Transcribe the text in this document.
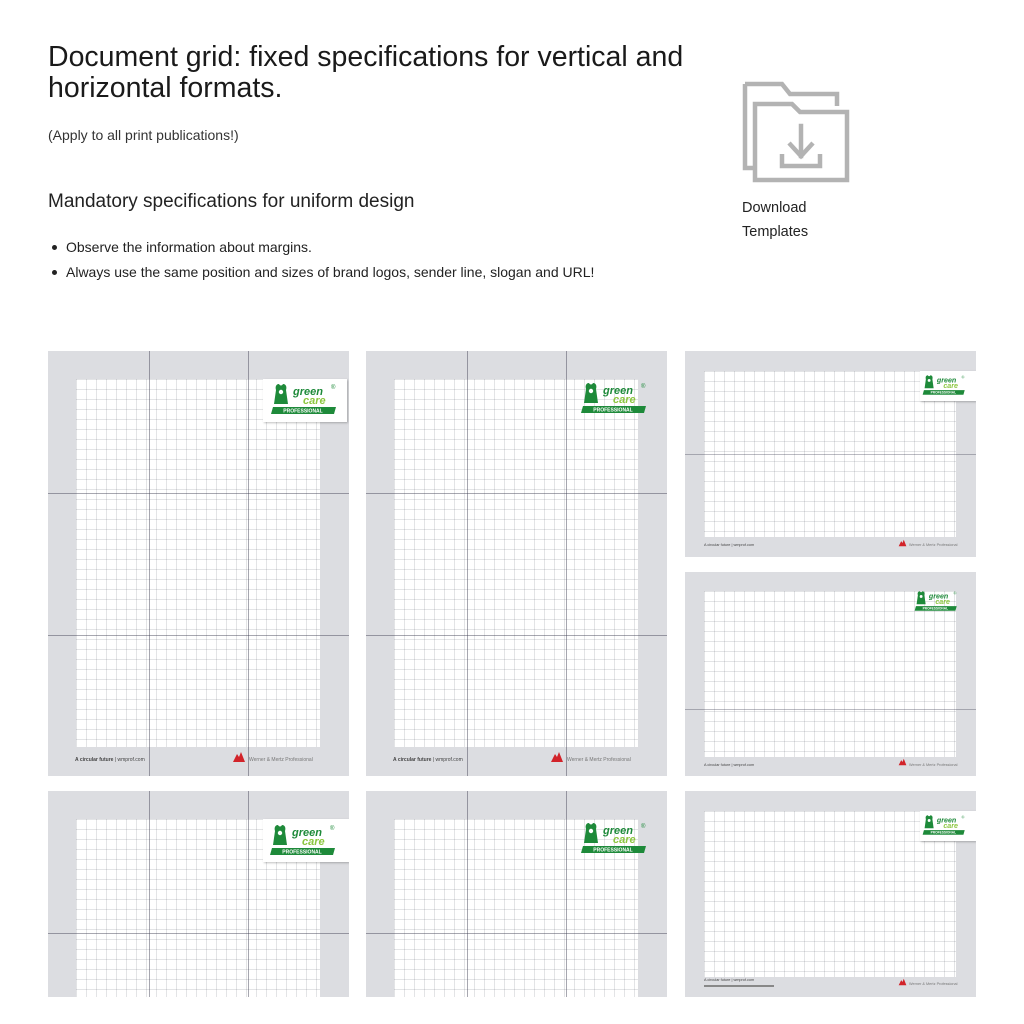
Document grid: fixed specifications for vertical and horizontal formats.
(Apply to all print publications!)
Mandatory specifications for uniform design
Observe the information about margins.
Always use the same position and sizes of brand logos, sender line, slogan and URL!
Download
Templates
green
care
®
PROFESSIONAL
A circular future | wmprof.com	Werner & Mertz Professional
green
care
®
PROFESSIONAL
A circular future | wmprof.com	Werner & Mertz Professional
green
care
®
PROFESSIONAL
A circular future | wmprof.com	Werner & Mertz Professional
green
care
®
PROFESSIONAL
A circular future | wmprof.com	Werner & Mertz Professional
green
care
®
PROFESSIONAL
green
care
®
PROFESSIONAL
green
care
®
PROFESSIONAL
A circular future | wmprof.com
Werner & Mertz Professional
